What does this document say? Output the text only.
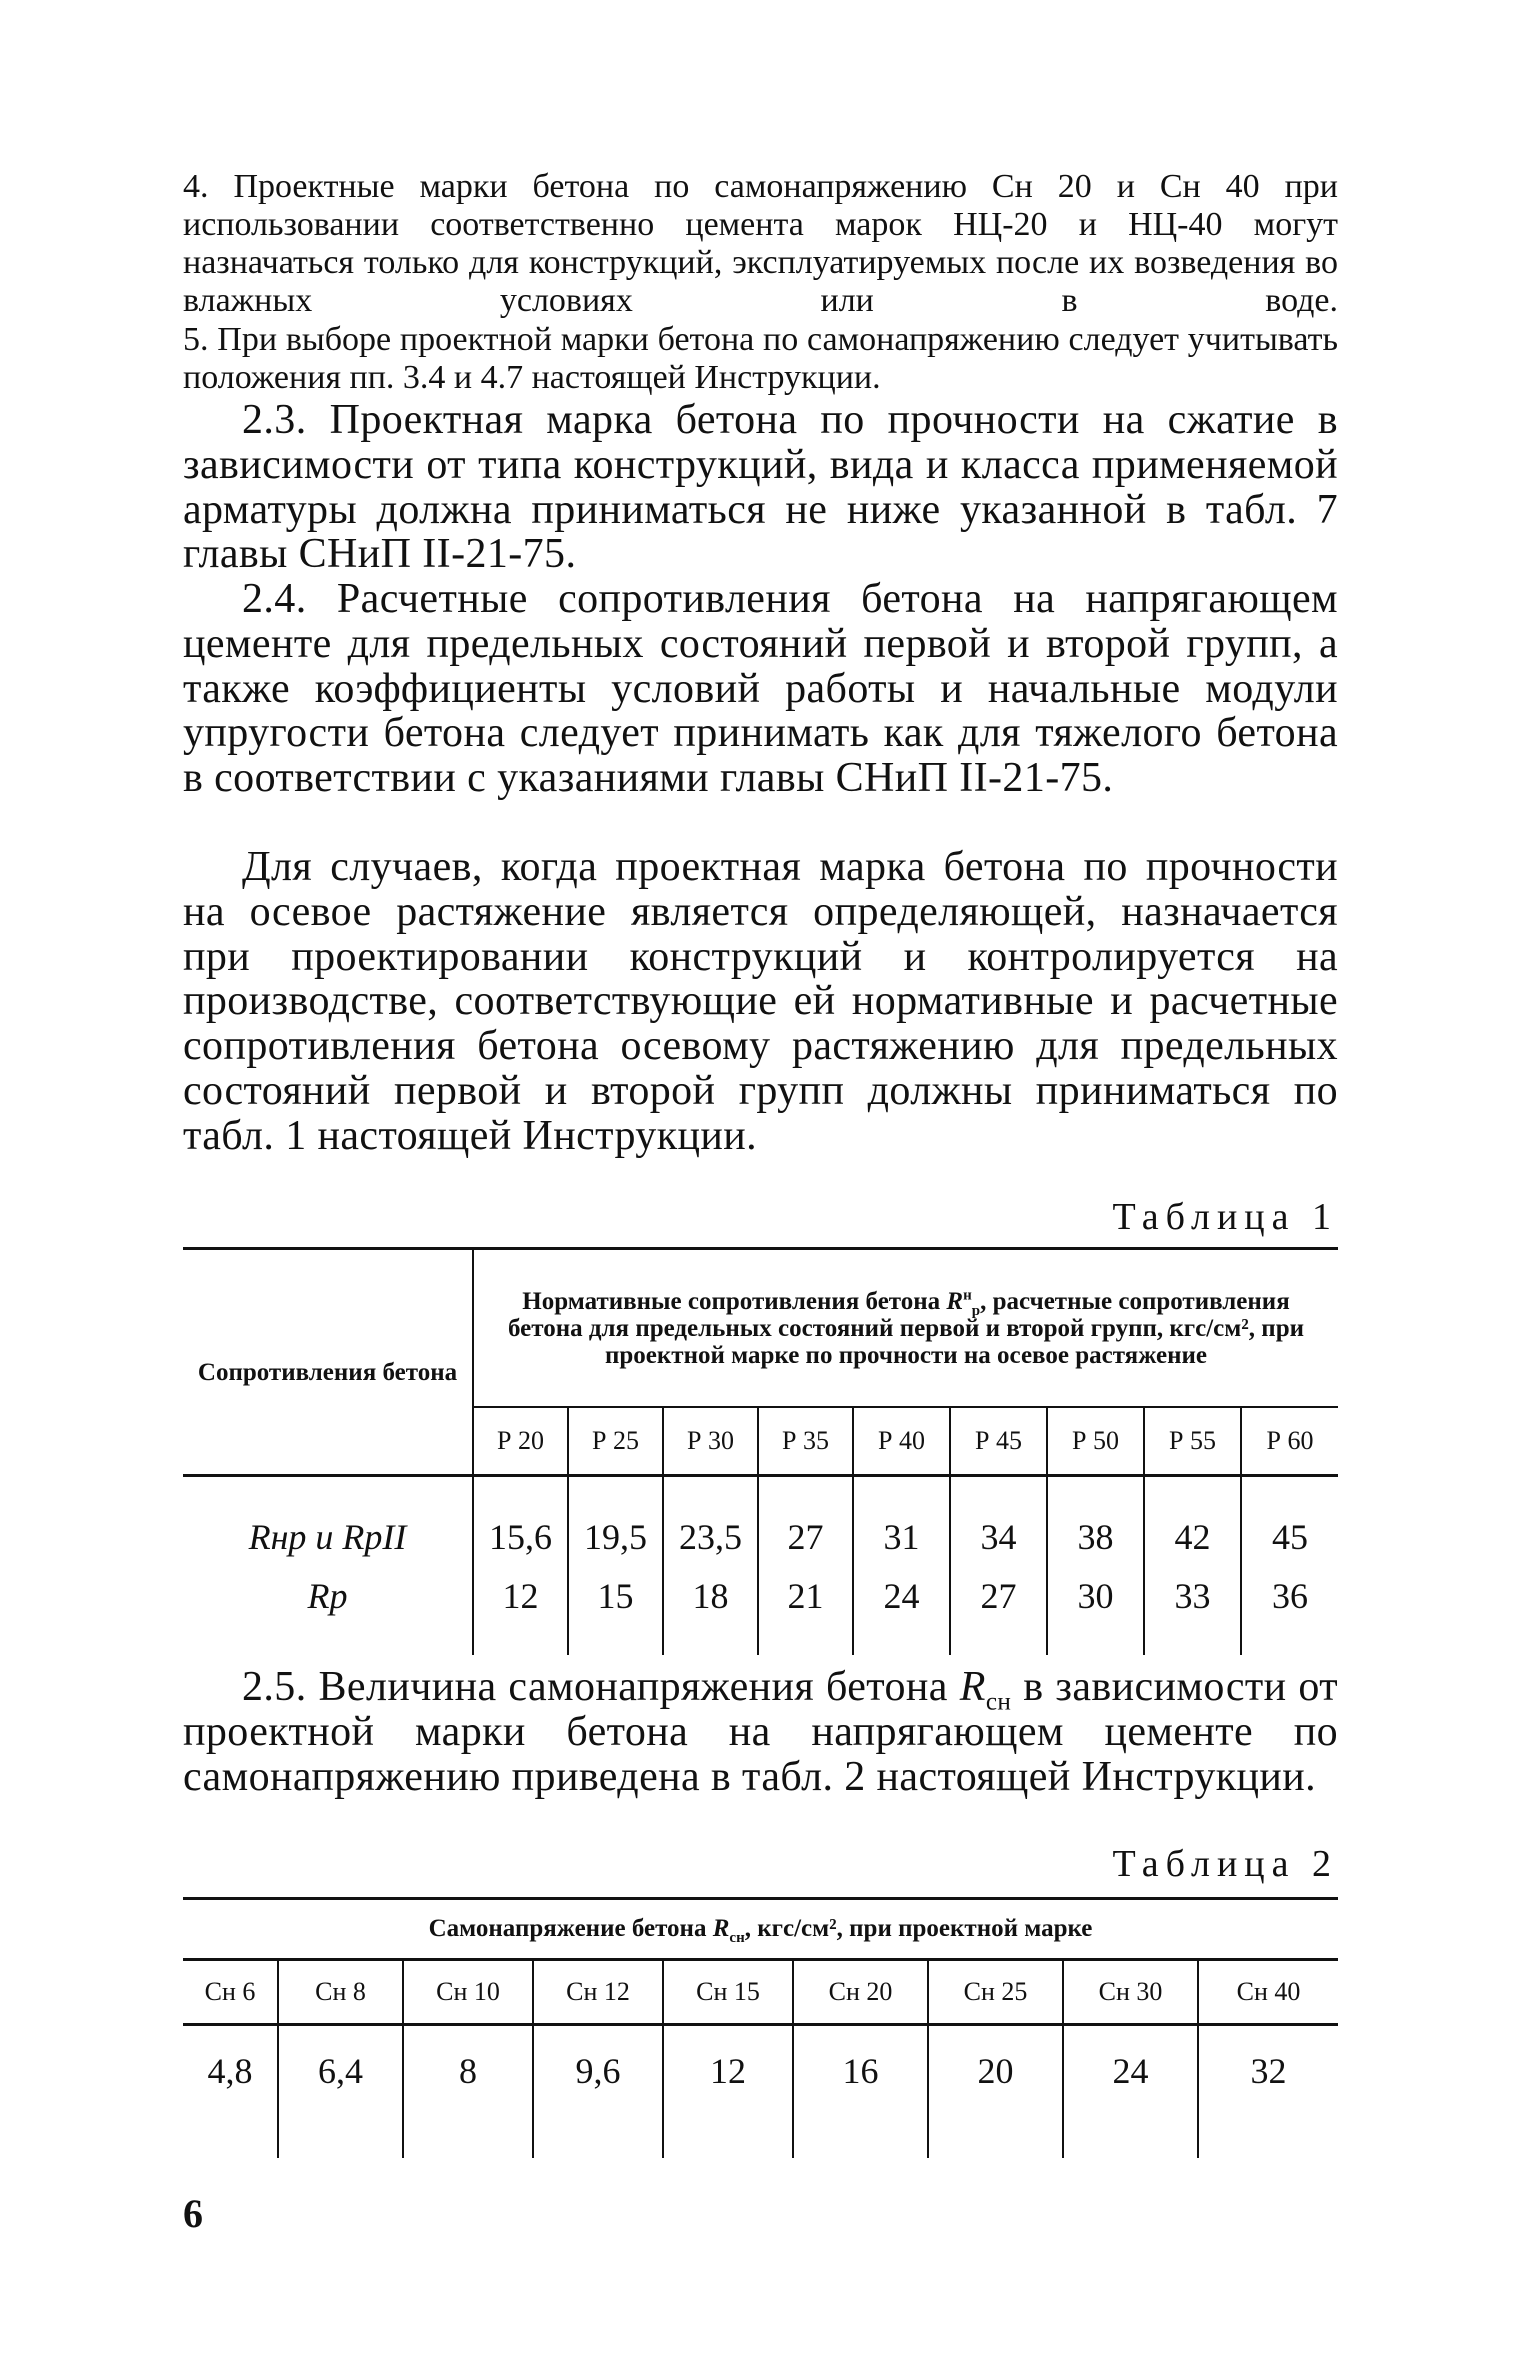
4. Проектные марки бетона по самонапряжению Сн 20 и Сн 40 при использовании соответственно цемента марок НЦ-20 и НЦ-40 могут назначаться только для конструкций, эксплуатируемых после их возведения во влажных условиях или в воде.

5. При выборе проектной марки бетона по самонапряжению следует учитывать положения пп. 3.4 и 4.7 настоящей Инструкции.

2.3. Проектная марка бетона по прочности на сжатие в зависимости от типа конструкций, вида и класса применяемой арматуры должна приниматься не ниже указанной в табл. 7 главы СНиП II-21-75.

2.4. Расчетные сопротивления бетона на напрягающем цементе для предельных состояний первой и второй групп, а также коэффициенты условий работы и начальные модули упругости бетона следует принимать как для тяжелого бетона в соответствии с указаниями главы СНиП II-21-75.

Для случаев, когда проектная марка бетона по прочности на осевое растяжение является определяющей, назначается при проектировании конструкций и контролируется на производстве, соответствующие ей нормативные и расчетные сопротивления бетона осевому растяжению для предельных состояний первой и второй групп должны приниматься по табл. 1 настоящей Инструкции.

Таблица 1

Сопротивления бетона	Нормативные сопротивления бетона $R^н_р$, расчетные сопротивления бетона для предельных состояний первой и второй групп, кгс/см², при проектной марке по прочности на осевое растяжение								
	Р 20	Р 25	Р 30	Р 35	Р 40	Р 45	Р 50	Р 55	Р 60
Rнр и RрII	15,6	19,5	23,5	27	31	34	38	42	45
Rр	12	15	18	21	24	27	30	33	36

2.5. Величина самонапряжения бетона $R_{сн}$ в зависимости от проектной марки бетона на напрягающем цементе по самонапряжению приведена в табл. 2 настоящей Инструкции.

Таблица 2

Самонапряжение бетона $R_{сн}$, кгс/см², при проектной марке								
Сн 6	Сн 8	Сн 10	Сн 12	Сн 15	Сн 20	Сн 25	Сн 30	Сн 40
4,8	6,4	8	9,6	12	16	20	24	32

6
